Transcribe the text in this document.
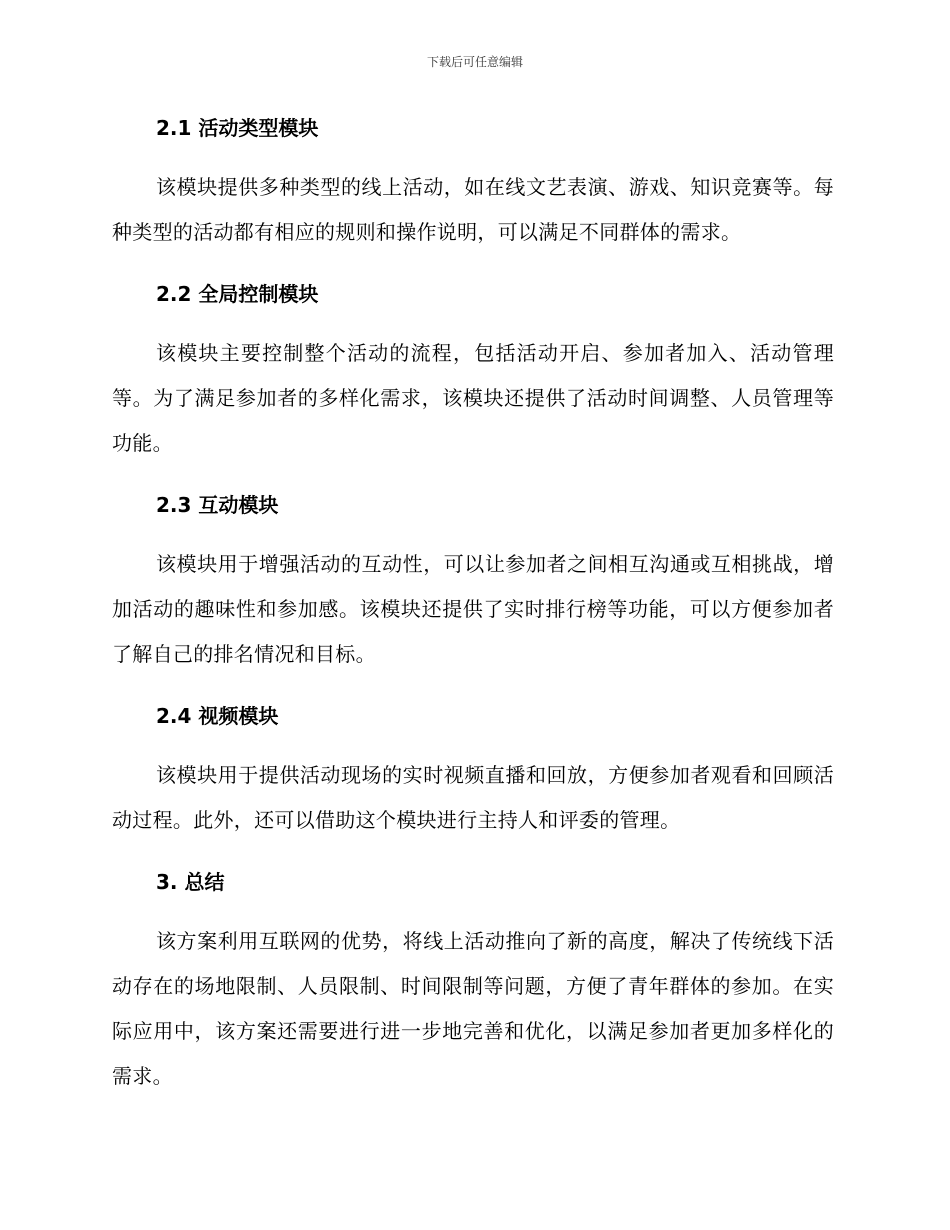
下载后可任意编辑
2.1 活动类型模块

该模块提供多种类型的线上活动，如在线文艺表演、游戏、知识竞赛等。每种类型的活动都有相应的规则和操作说明，可以满足不同群体的需求。

2.2 全局控制模块

该模块主要控制整个活动的流程，包括活动开启、参加者加入、活动管理等。为了满足参加者的多样化需求，该模块还提供了活动时间调整、人员管理等功能。

2.3 互动模块

该模块用于增强活动的互动性，可以让参加者之间相互沟通或互相挑战，增加活动的趣味性和参加感。该模块还提供了实时排行榜等功能，可以方便参加者了解自己的排名情况和目标。

2.4 视频模块

该模块用于提供活动现场的实时视频直播和回放，方便参加者观看和回顾活动过程。此外，还可以借助这个模块进行主持人和评委的管理。

3. 总结

该方案利用互联网的优势，将线上活动推向了新的高度，解决了传统线下活动存在的场地限制、人员限制、时间限制等问题，方便了青年群体的参加。在实际应用中，该方案还需要进行进一步地完善和优化，以满足参加者更加多样化的需求。
